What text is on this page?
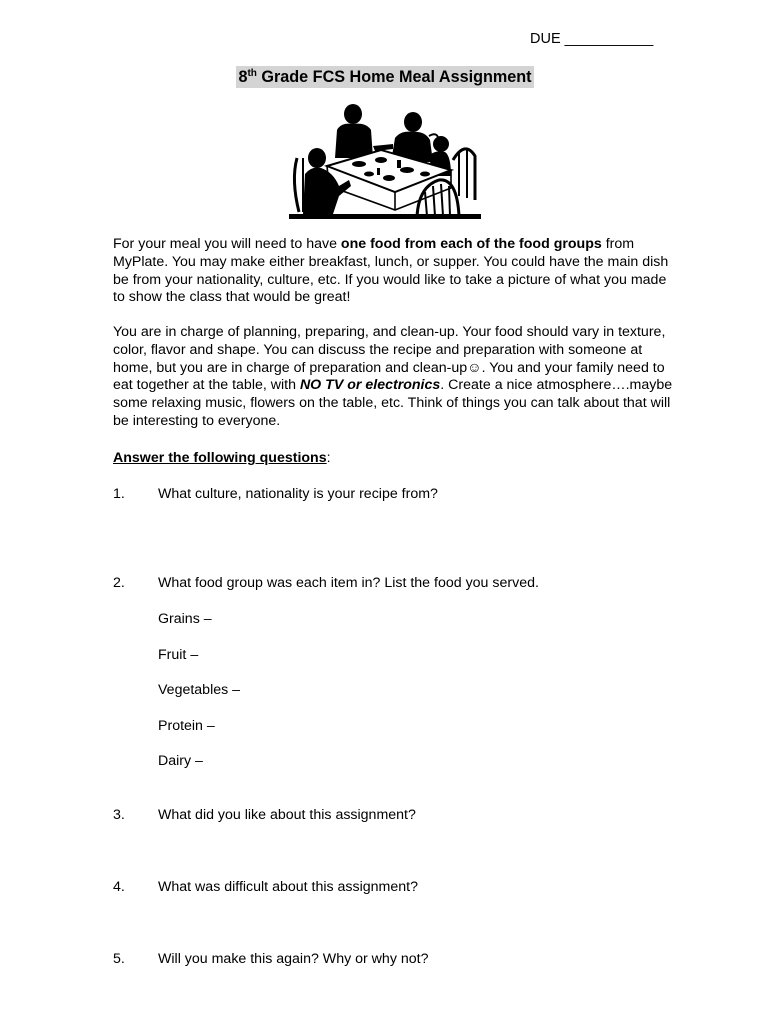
DUE ___________
8th Grade FCS Home Meal Assignment

For your meal you will need to have one food from each of the food groups from MyPlate. You may make either breakfast, lunch, or supper. You could have the main dish be from your nationality, culture, etc. If you would like to take a picture of what you made to show the class that would be great!

You are in charge of planning, preparing, and clean-up. Your food should vary in texture, color, flavor and shape. You can discuss the recipe and preparation with someone at home, but you are in charge of preparation and clean-up☺. You and your family need to eat together at the table, with NO TV or electronics. Create a nice atmosphere….maybe some relaxing music, flowers on the table, etc. Think of things you can talk about that will be interesting to everyone.

Answer the following questions:
1. What culture, nationality is your recipe from?
2. What food group was each item in? List the food you served.
Grains –
Fruit –
Vegetables –
Protein –
Dairy –
3. What did you like about this assignment?
4. What was difficult about this assignment?
5. Will you make this again? Why or why not?
